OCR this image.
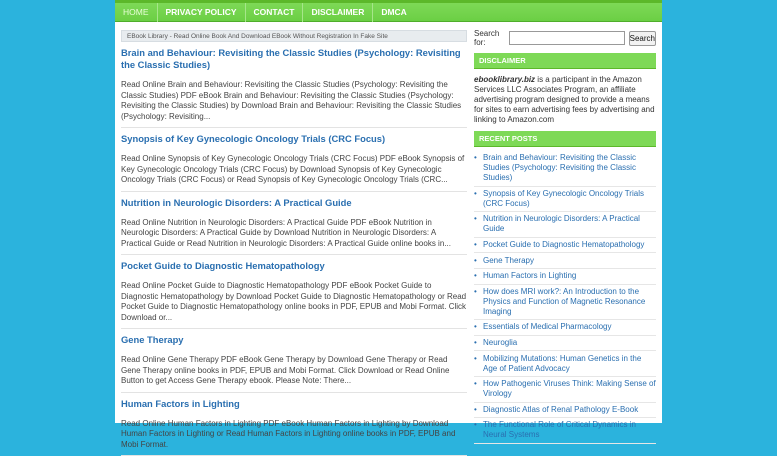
HOME	PRIVACY POLICY	CONTACT	DISCLAIMER	DMCA
EBook Library - Read Online Book And Download EBook Without Registration In Fake Site
Brain and Behaviour: Revisiting the Classic Studies (Psychology: Revisiting the Classic Studies)

Read Online Brain and Behaviour: Revisiting the Classic Studies (Psychology: Revisiting the Classic Studies) PDF eBook Brain and Behaviour: Revisiting the Classic Studies (Psychology: Revisiting the Classic Studies) by Download Brain and Behaviour: Revisiting the Classic Studies (Psychology: Revisiting...

Synopsis of Key Gynecologic Oncology Trials (CRC Focus)

Read Online Synopsis of Key Gynecologic Oncology Trials (CRC Focus) PDF eBook Synopsis of Key Gynecologic Oncology Trials (CRC Focus) by Download Synopsis of Key Gynecologic Oncology Trials (CRC Focus) or Read Synopsis of Key Gynecologic Oncology Trials (CRC...

Nutrition in Neurologic Disorders: A Practical Guide

Read Online Nutrition in Neurologic Disorders: A Practical Guide PDF eBook Nutrition in Neurologic Disorders: A Practical Guide by Download Nutrition in Neurologic Disorders: A Practical Guide or Read Nutrition in Neurologic Disorders: A Practical Guide online books in...

Pocket Guide to Diagnostic Hematopathology

Read Online Pocket Guide to Diagnostic Hematopathology PDF eBook Pocket Guide to Diagnostic Hematopathology by Download Pocket Guide to Diagnostic Hematopathology or Read Pocket Guide to Diagnostic Hematopathology online books in PDF, EPUB and Mobi Format. Click Download or...

Gene Therapy

Read Online Gene Therapy PDF eBook Gene Therapy by Download Gene Therapy or Read Gene Therapy online books in PDF, EPUB and Mobi Format. Click Download or Read Online Button to get Access Gene Therapy ebook. Please Note: There...

Human Factors in Lighting

Read Online Human Factors in Lighting PDF eBook Human Factors in Lighting by Download Human Factors in Lighting or Read Human Factors in Lighting online books in PDF, EPUB and Mobi Format.

Search for:	Search
DISCLAIMER

ebooklibrary.biz is a participant in the Amazon Services LLC Associates Program, an affiliate advertising program designed to provide a means for sites to earn advertising fees by advertising and linking to Amazon.com

RECENT POSTS
• Brain and Behaviour: Revisiting the Classic Studies (Psychology: Revisiting the Classic Studies)
• Synopsis of Key Gynecologic Oncology Trials (CRC Focus)
• Nutrition in Neurologic Disorders: A Practical Guide
• Pocket Guide to Diagnostic Hematopathology
• Gene Therapy
• Human Factors in Lighting
• How does MRI work?: An Introduction to the Physics and Function of Magnetic Resonance Imaging
• Essentials of Medical Pharmacology
• Neuroglia
• Mobilizing Mutations: Human Genetics in the Age of Patient Advocacy
• How Pathogenic Viruses Think: Making Sense of Virology
• Diagnostic Atlas of Renal Pathology E-Book
• The Functional Role of Critical Dynamics in Neural Systems
